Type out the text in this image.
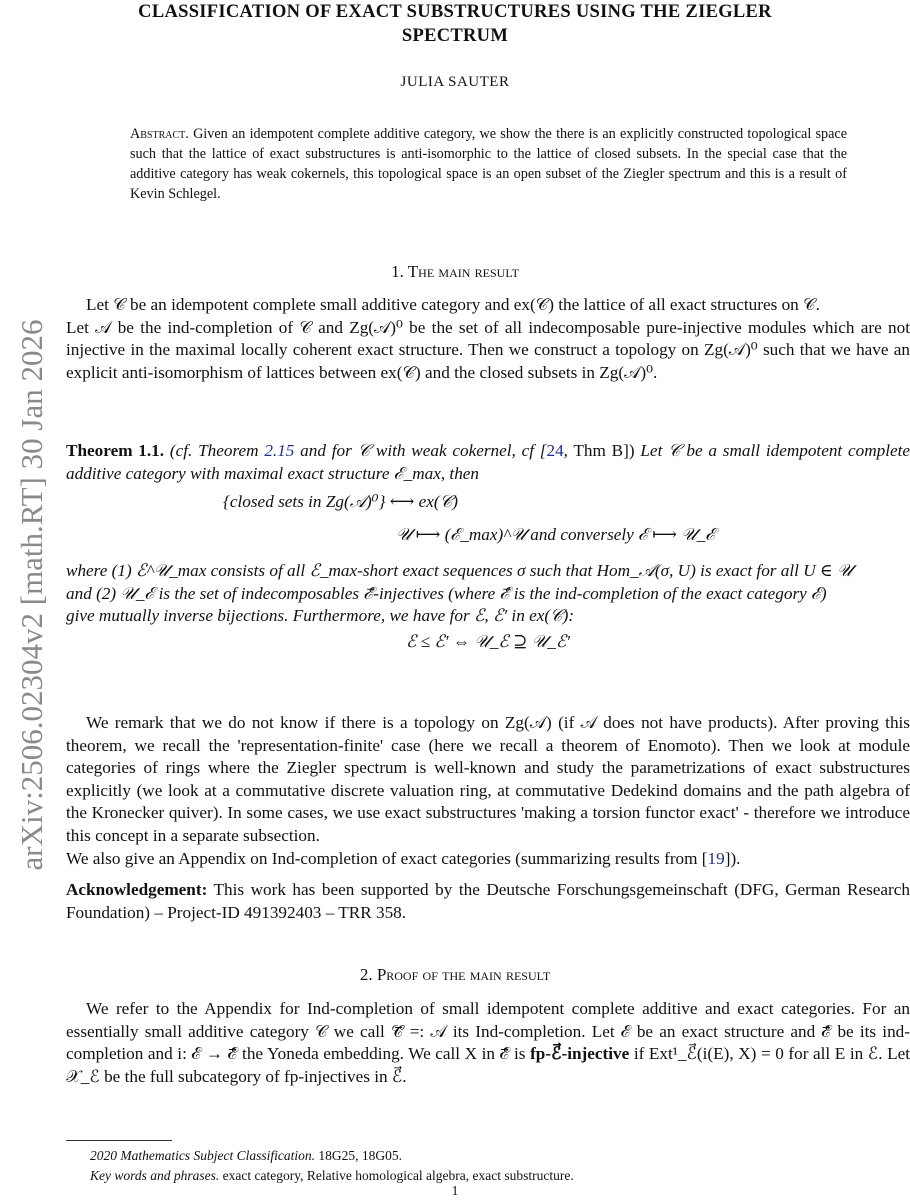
CLASSIFICATION OF EXACT SUBSTRUCTURES USING THE ZIEGLER
SPECTRUM
JULIA SAUTER
Abstract. Given an idempotent complete additive category, we show the there is an explicitly constructed topological space such that the lattice of exact substructures is anti-isomorphic to the lattice of closed subsets. In the special case that the additive category has weak cokernels, this topological space is an open subset of the Ziegler spectrum and this is a result of Kevin Schlegel.
arXiv:2506.02304v2 [math.RT] 30 Jan 2026
1. The main result
Let 𝒞 be an idempotent complete small additive category and ex(𝒞) the lattice of all exact structures on 𝒞.
Let 𝒜 be the ind-completion of 𝒞 and Zg(𝒜)⁰ be the set of all indecomposable pure-injective modules which are not injective in the maximal locally coherent exact structure. Then we construct a topology on Zg(𝒜)⁰ such that we have an explicit anti-isomorphism of lattices between ex(𝒞) and the closed subsets in Zg(𝒜)⁰.
Theorem 1.1. (cf. Theorem 2.15 and for 𝒞 with weak cokernel, cf [24, Thm B]) Let 𝒞 be a small idempotent complete additive category with maximal exact structure ℰ_max, then
{closed sets in Zg(𝒜)⁰} ⟷ ex(𝒞)
𝒰 ⟼ (ℰ_max)^𝒰 and conversely ℰ ⟼ 𝒰_ℰ
where (1) ℰ^𝒰_max consists of all ℰ_max-short exact sequences σ such that Hom_𝒜(σ, U) is exact for all U ∈ 𝒰
and (2) 𝒰_ℰ is the set of indecomposables ℰ⃗-injectives (where ℰ⃗ is the ind-completion of the exact category ℰ)
give mutually inverse bijections. Furthermore, we have for ℰ, ℰ′ in ex(𝒞):
ℰ ≤ ℰ′ ⇔ 𝒰_ℰ ⊇ 𝒰_ℰ′
We remark that we do not know if there is a topology on Zg(𝒜) (if 𝒜 does not have products). After proving this theorem, we recall the 'representation-finite' case (here we recall a theorem of Enomoto). Then we look at module categories of rings where the Ziegler spectrum is well-known and study the parametrizations of exact substructures explicitly (we look at a commutative discrete valuation ring, at commutative Dedekind domains and the path algebra of the Kronecker quiver). In some cases, we use exact substructures 'making a torsion functor exact' - therefore we introduce this concept in a separate subsection.
We also give an Appendix on Ind-completion of exact categories (summarizing results from [19]).
Acknowledgement: This work has been supported by the Deutsche Forschungsgemeinschaft (DFG, German Research Foundation) – Project-ID 491392403 – TRR 358.
2. Proof of the main result
We refer to the Appendix for Ind-completion of small idempotent complete additive and exact categories. For an essentially small additive category 𝒞 we call 𝒞⃗ =: 𝒜 its Ind-completion. Let ℰ be an exact structure and ℰ⃗ be its ind-completion and i: ℰ → ℰ⃗ the Yoneda embedding. We call X in ℰ⃗ is fp-ℰ⃗-injective if Ext¹_ℰ⃗(i(E), X) = 0 for all E in ℰ. Let 𝒳_ℰ be the full subcategory of fp-injectives in ℰ⃗.
2020 Mathematics Subject Classification. 18G25, 18G05.
Key words and phrases. exact category, Relative homological algebra, exact substructure.
1
